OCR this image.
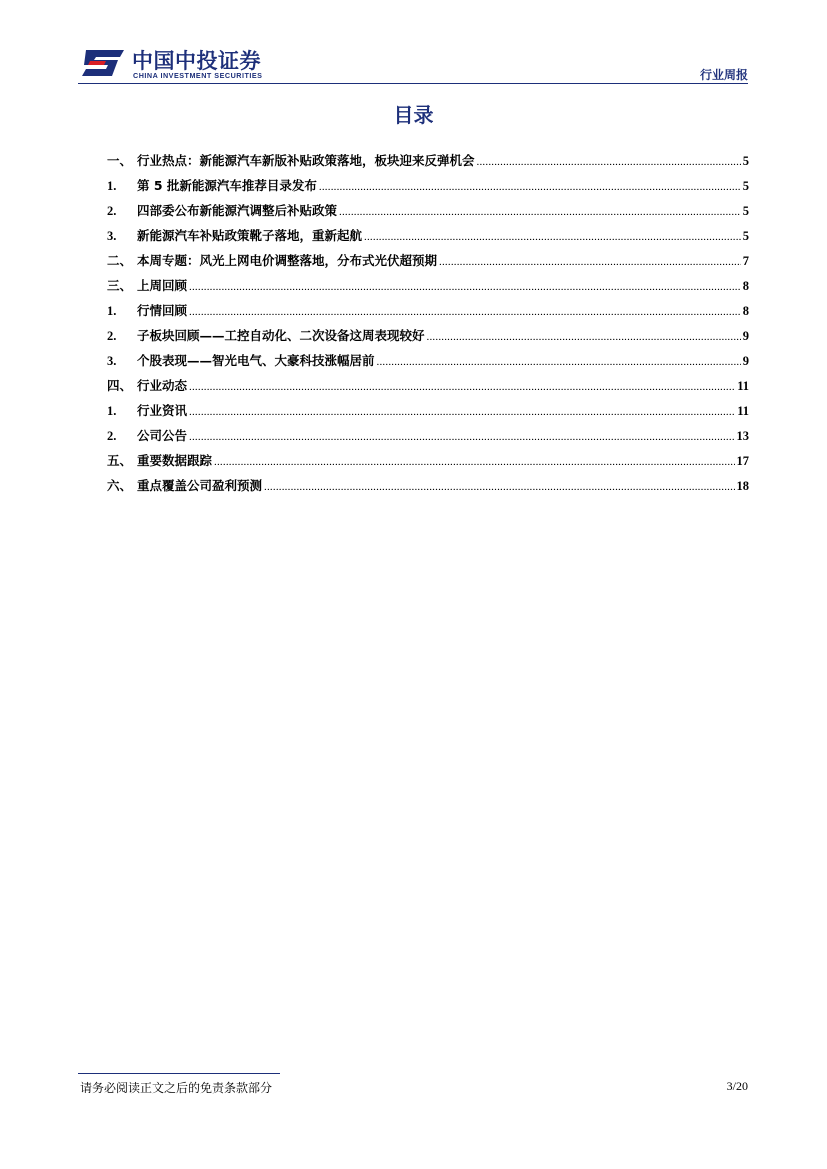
中国中投证券
CHINA INVESTMENT SECURITIES	行业周报
目录
一、 行业热点：新能源汽车新版补贴政策落地，板块迎来反弹机会 .....	5
1.	第 5 批新能源汽车推荐目录发布 .....	5
2.	四部委公布新能源汽调整后补贴政策 .....	5
3.	新能源汽车补贴政策靴子落地，重新起航 .....	5
二、 本周专题：风光上网电价调整落地，分布式光伏超预期 .....	7
三、 上周回顾 .....	8
1.	行情回顾 .....	8
2.	子板块回顾——工控自动化、二次设备这周表现较好 .....	9
3.	个股表现——智光电气、大豪科技涨幅居前 .....	9
四、 行业动态 .....	11
1.	行业资讯 .....	11
2.	公司公告 .....	13
五、 重要数据跟踪 .....	17
六、 重点覆盖公司盈利预测 .....	18
请务必阅读正文之后的免责条款部分	3/20
